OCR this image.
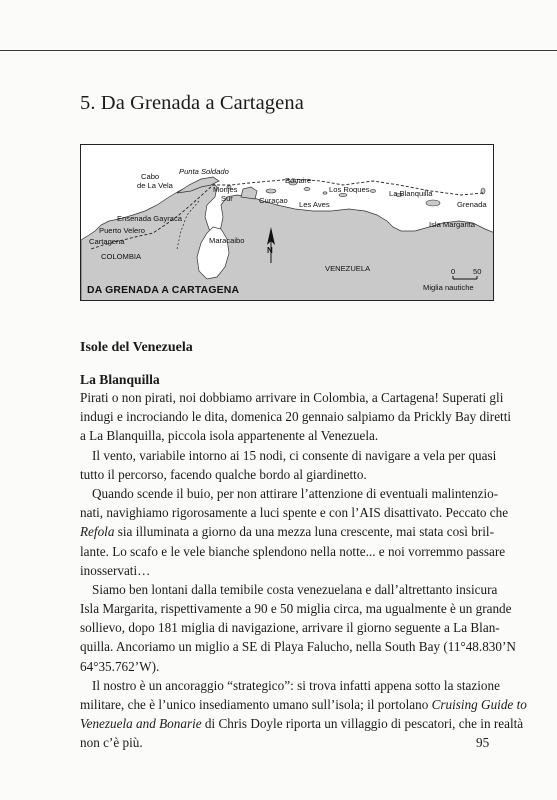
5. Da Grenada a Cartagena
N
Cabo
de La Vela
Punta Soldado
Monjes
Sur
Bonaire
Curaçao
Los Roques
Les Aves
La Blanquilla
Grenada
Isla Margarita
Ensenada Gayraca
Puerto Velero
Cartagena	Maracaibo
COLOMBIA
VENEZUELA	0 50
Miglia nautiche
DA GRENADA A CARTAGENA
Isole del Venezuela
La Blanquilla
Pirati o non pirati, noi dobbiamo arrivare in Colombia, a Cartagena! Superati gli
indugi e incrociando le dita, domenica 20 gennaio salpiamo da Prickly Bay diretti
a La Blanquilla, piccola isola appartenente al Venezuela.
Il vento, variabile intorno ai 15 nodi, ci consente di navigare a vela per quasi
tutto il percorso, facendo qualche bordo al giardinetto.
Quando scende il buio, per non attirare l’attenzione di eventuali malintenzio-
nati, navighiamo rigorosamente a luci spente e con l’AIS disattivato. Peccato che
Refola sia illuminata a giorno da una mezza luna crescente, mai stata così bril-
lante. Lo scafo e le vele bianche splendono nella notte... e noi vorremmo passare
inosservati…
Siamo ben lontani dalla temibile costa venezuelana e dall’altrettanto insicura
Isla Margarita, rispettivamente a 90 e 50 miglia circa, ma ugualmente è un grande
sollievo, dopo 181 miglia di navigazione, arrivare il giorno seguente a La Blan-
quilla. Ancoriamo un miglio a SE di Playa Falucho, nella South Bay (11°48.830’N
64°35.762’W).
Il nostro è un ancoraggio “strategico”: si trova infatti appena sotto la stazione
militare, che è l’unico insediamento umano sull’isola; il portolano Cruising Guide to
Venezuela and Bonarie di Chris Doyle riporta un villaggio di pescatori, che in realtà
non c’è più.	95
